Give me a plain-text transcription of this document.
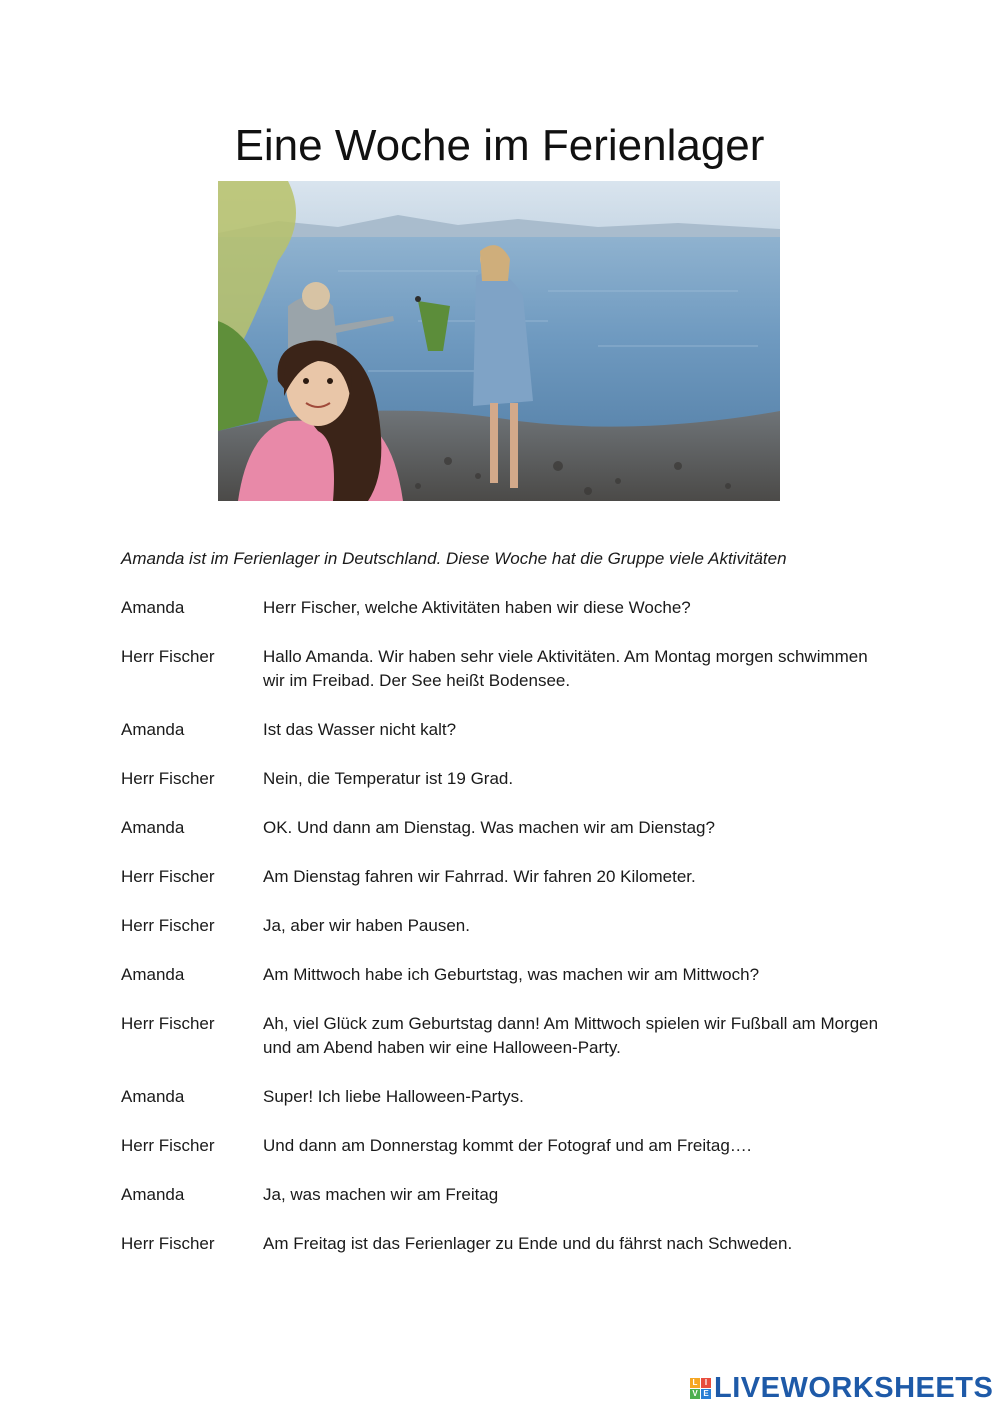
Eine Woche im Ferienlager

Amanda ist im Ferienlager in Deutschland. Diese Woche hat die Gruppe viele Aktivitäten

Amanda	Herr Fischer, welche Aktivitäten haben wir diese Woche?
Herr Fischer	Hallo Amanda. Wir haben sehr viele Aktivitäten. Am Montag morgen schwimmen wir im Freibad. Der See heißt Bodensee.
Amanda	Ist das Wasser nicht kalt?
Herr Fischer	Nein, die Temperatur ist 19 Grad.
Amanda	OK. Und dann am Dienstag. Was machen wir am Dienstag?
Herr Fischer	Am Dienstag fahren wir Fahrrad. Wir fahren 20 Kilometer.
Herr Fischer	Ja, aber wir haben Pausen.
Amanda	Am Mittwoch habe ich Geburtstag, was machen wir am Mittwoch?
Herr Fischer	Ah, viel Glück zum Geburtstag dann! Am Mittwoch spielen wir Fußball am Morgen und am Abend haben wir eine Halloween-Party.
Amanda	Super! Ich liebe Halloween-Partys.
Herr Fischer	Und dann am Donnerstag kommt der Fotograf und am Freitag….
Amanda	Ja, was machen wir am Freitag
Herr Fischer	Am Freitag ist das Ferienlager zu Ende und du fährst nach Schweden.
L I
V E LIVEWORKSHEETS
